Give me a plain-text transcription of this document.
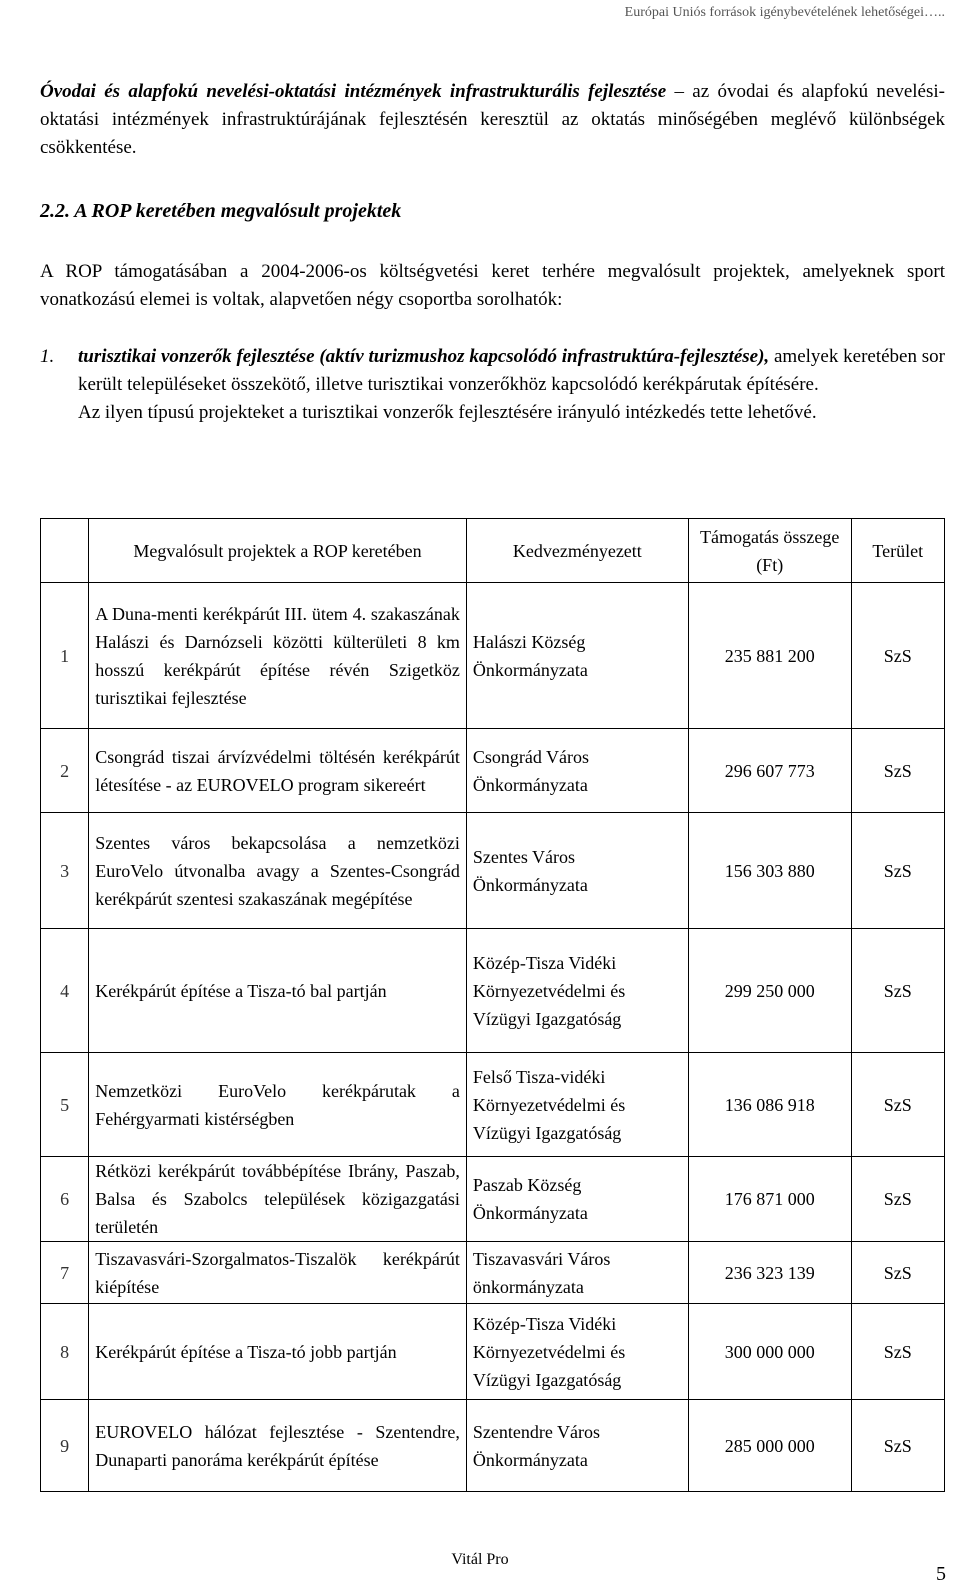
Európai Uniós források igénybevételének lehetőségei…..
Óvodai és alapfokú nevelési-oktatási intézmények infrastrukturális fejlesztése – az óvodai és alapfokú nevelési-oktatási intézmények infrastruktúrájának fejlesztésén keresztül az oktatás minőségében meglévő különbségek csökkentése.
2.2. A ROP keretében megvalósult projektek
A ROP támogatásában a 2004-2006-os költségvetési keret terhére megvalósult projektek, amelyeknek sport vonatkozású elemei is voltak, alapvetően négy csoportba sorolhatók:
1. turisztikai vonzerők fejlesztése (aktív turizmushoz kapcsolódó infrastruktúra-fejlesztése), amelyek keretében sor került településeket összekötő, illetve turisztikai vonzerőkhöz kapcsolódó kerékpárutak építésére.
Az ilyen típusú projekteket a turisztikai vonzerők fejlesztésére irányuló intézkedés tette lehetővé.
	Megvalósult projektek a ROP keretében	Kedvezményezett	Támogatás összege (Ft)	Terület
1	A Duna-menti kerékpárút III. ütem 4. szakaszának Halászi és Darnózseli közötti külterületi 8 km hosszú kerékpárút építése révén Szigetköz turisztikai fejlesztése	Halászi Község Önkormányzata	235 881 200	SzS
2	Csongrád tiszai árvízvédelmi töltésén kerékpárút létesítése - az EUROVELO program sikereért	Csongrád Város Önkormányzata	296 607 773	SzS
3	Szentes város bekapcsolása a nemzetközi EuroVelo útvonalba avagy a Szentes-Csongrád kerékpárút szentesi szakaszának megépítése	Szentes Város Önkormányzata	156 303 880	SzS
4	Kerékpárút építése a Tisza-tó bal partján	Közép-Tisza Vidéki Környezetvédelmi és Vízügyi Igazgatóság	299 250 000	SzS
5	Nemzetközi EuroVelo kerékpárutak a Fehérgyarmati kistérségben	Felső Tisza-vidéki Környezetvédelmi és Vízügyi Igazgatóság	136 086 918	SzS
6	Rétközi kerékpárút továbbépítése Ibrány, Paszab, Balsa és Szabolcs települések közigazgatási területén	Paszab Község Önkormányzata	176 871 000	SzS
7	Tiszavasvári-Szorgalmatos-Tiszalök kerékpárút kiépítése	Tiszavasvári Város önkormányzata	236 323 139	SzS
8	Kerékpárút építése a Tisza-tó jobb partján	Közép-Tisza Vidéki Környezetvédelmi és Vízügyi Igazgatóság	300 000 000	SzS
9	EUROVELO hálózat fejlesztése - Szentendre, Dunaparti panoráma kerékpárút építése	Szentendre Város Önkormányzata	285 000 000	SzS
Vitál Pro
5
